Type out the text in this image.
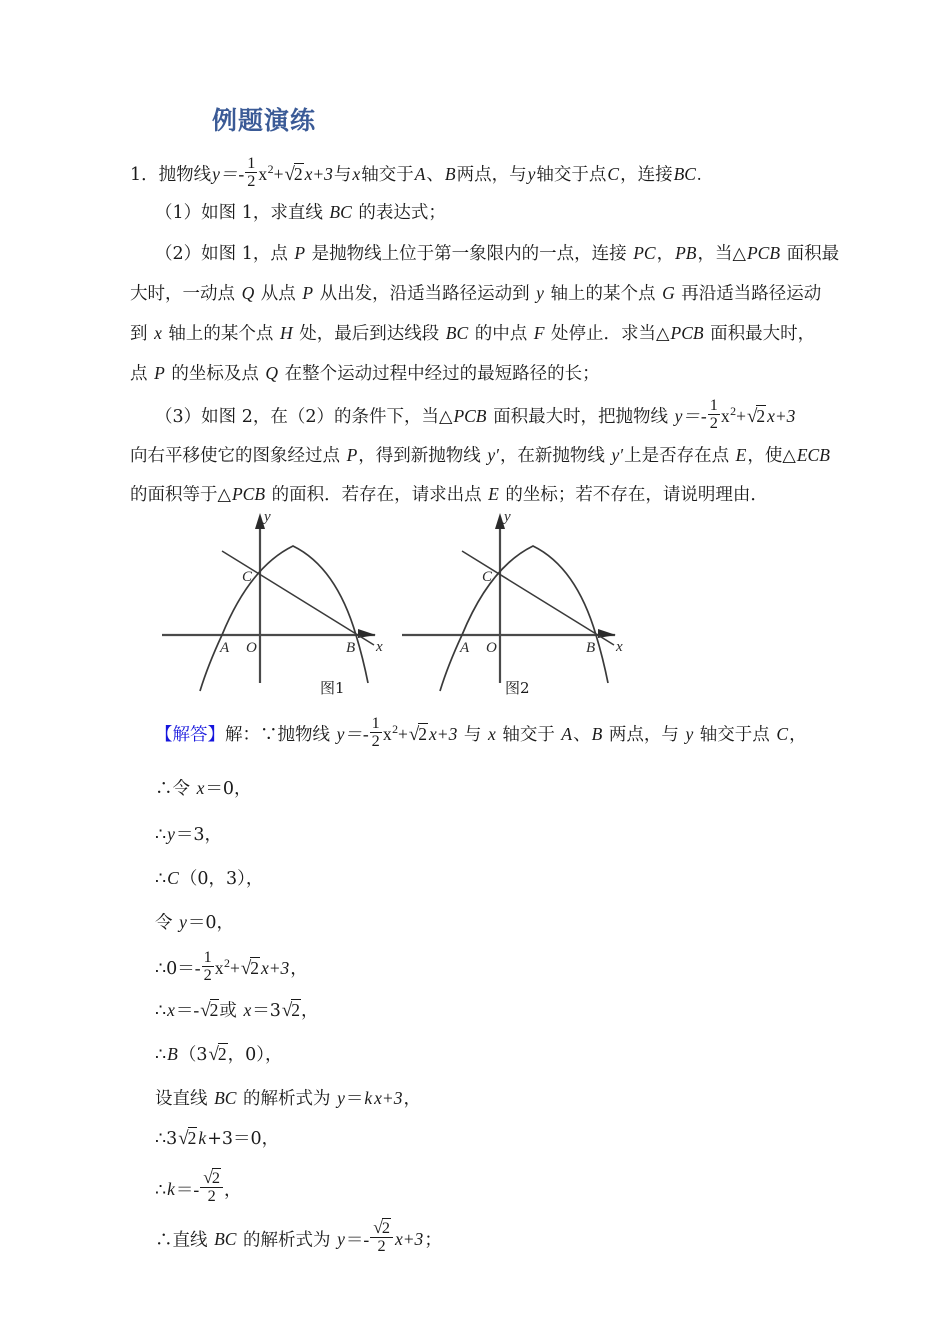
例题演练
1．抛物线$y=- \frac{1}{2} x^2+√2$ x+3与x轴交于A、B两点，与y轴交于点C，连接BC.
（1）如图 1，求直线 BC 的表达式；
（2）如图 1，点 P 是抛物线上位于第一象限内的一点，连接 PC，PB，当△PCB 面积最
大时，一动点 Q 从点 P 从出发，沿适当路径运动到 y 轴上的某个点 G 再沿适当路径运动
到 x 轴上的某个点 H 处，最后到达线段 BC 的中点 F 处停止．求当△PCB 面积最大时，
点 P 的坐标及点 Q 在整个运动过程中经过的最短路径的长；
（3）如图 2，在（2）的条件下，当△PCB 面积最大时，把抛物线 $y=- \frac{1}{2} x^2+√2$ x+3
向右平移使它的图象经过点 P，得到新抛物线 y′，在新抛物线 y′上是否存在点 E，使△ECB
的面积等于△PCB 的面积．若存在，请求出点 E 的坐标；若不存在，请说明理由．
y
x
O
A	B
C
图1
y
x
O
A	B
C
图2
【解答】解：∵抛物线 $y=- \frac{1}{2} x^2+√2$ x+3 与 x 轴交于 A、B 两点，与 y 轴交于点 C，
∴令 x＝0，
∴y＝3，
∴C（0，3），
令 y＝0，
∴0＝- $\frac{1}{2} x^2+√2$ x+3，
∴x＝-√2或 x＝3√2，
∴B（3√2，0），
设直线 BC 的解析式为 y＝k x+3，
∴3√2 k+3＝0，
∴k＝- $\frac{√2}{2}$ ，
∴直线 BC 的解析式为 $y=- \frac{√2}{2} x+3$；
